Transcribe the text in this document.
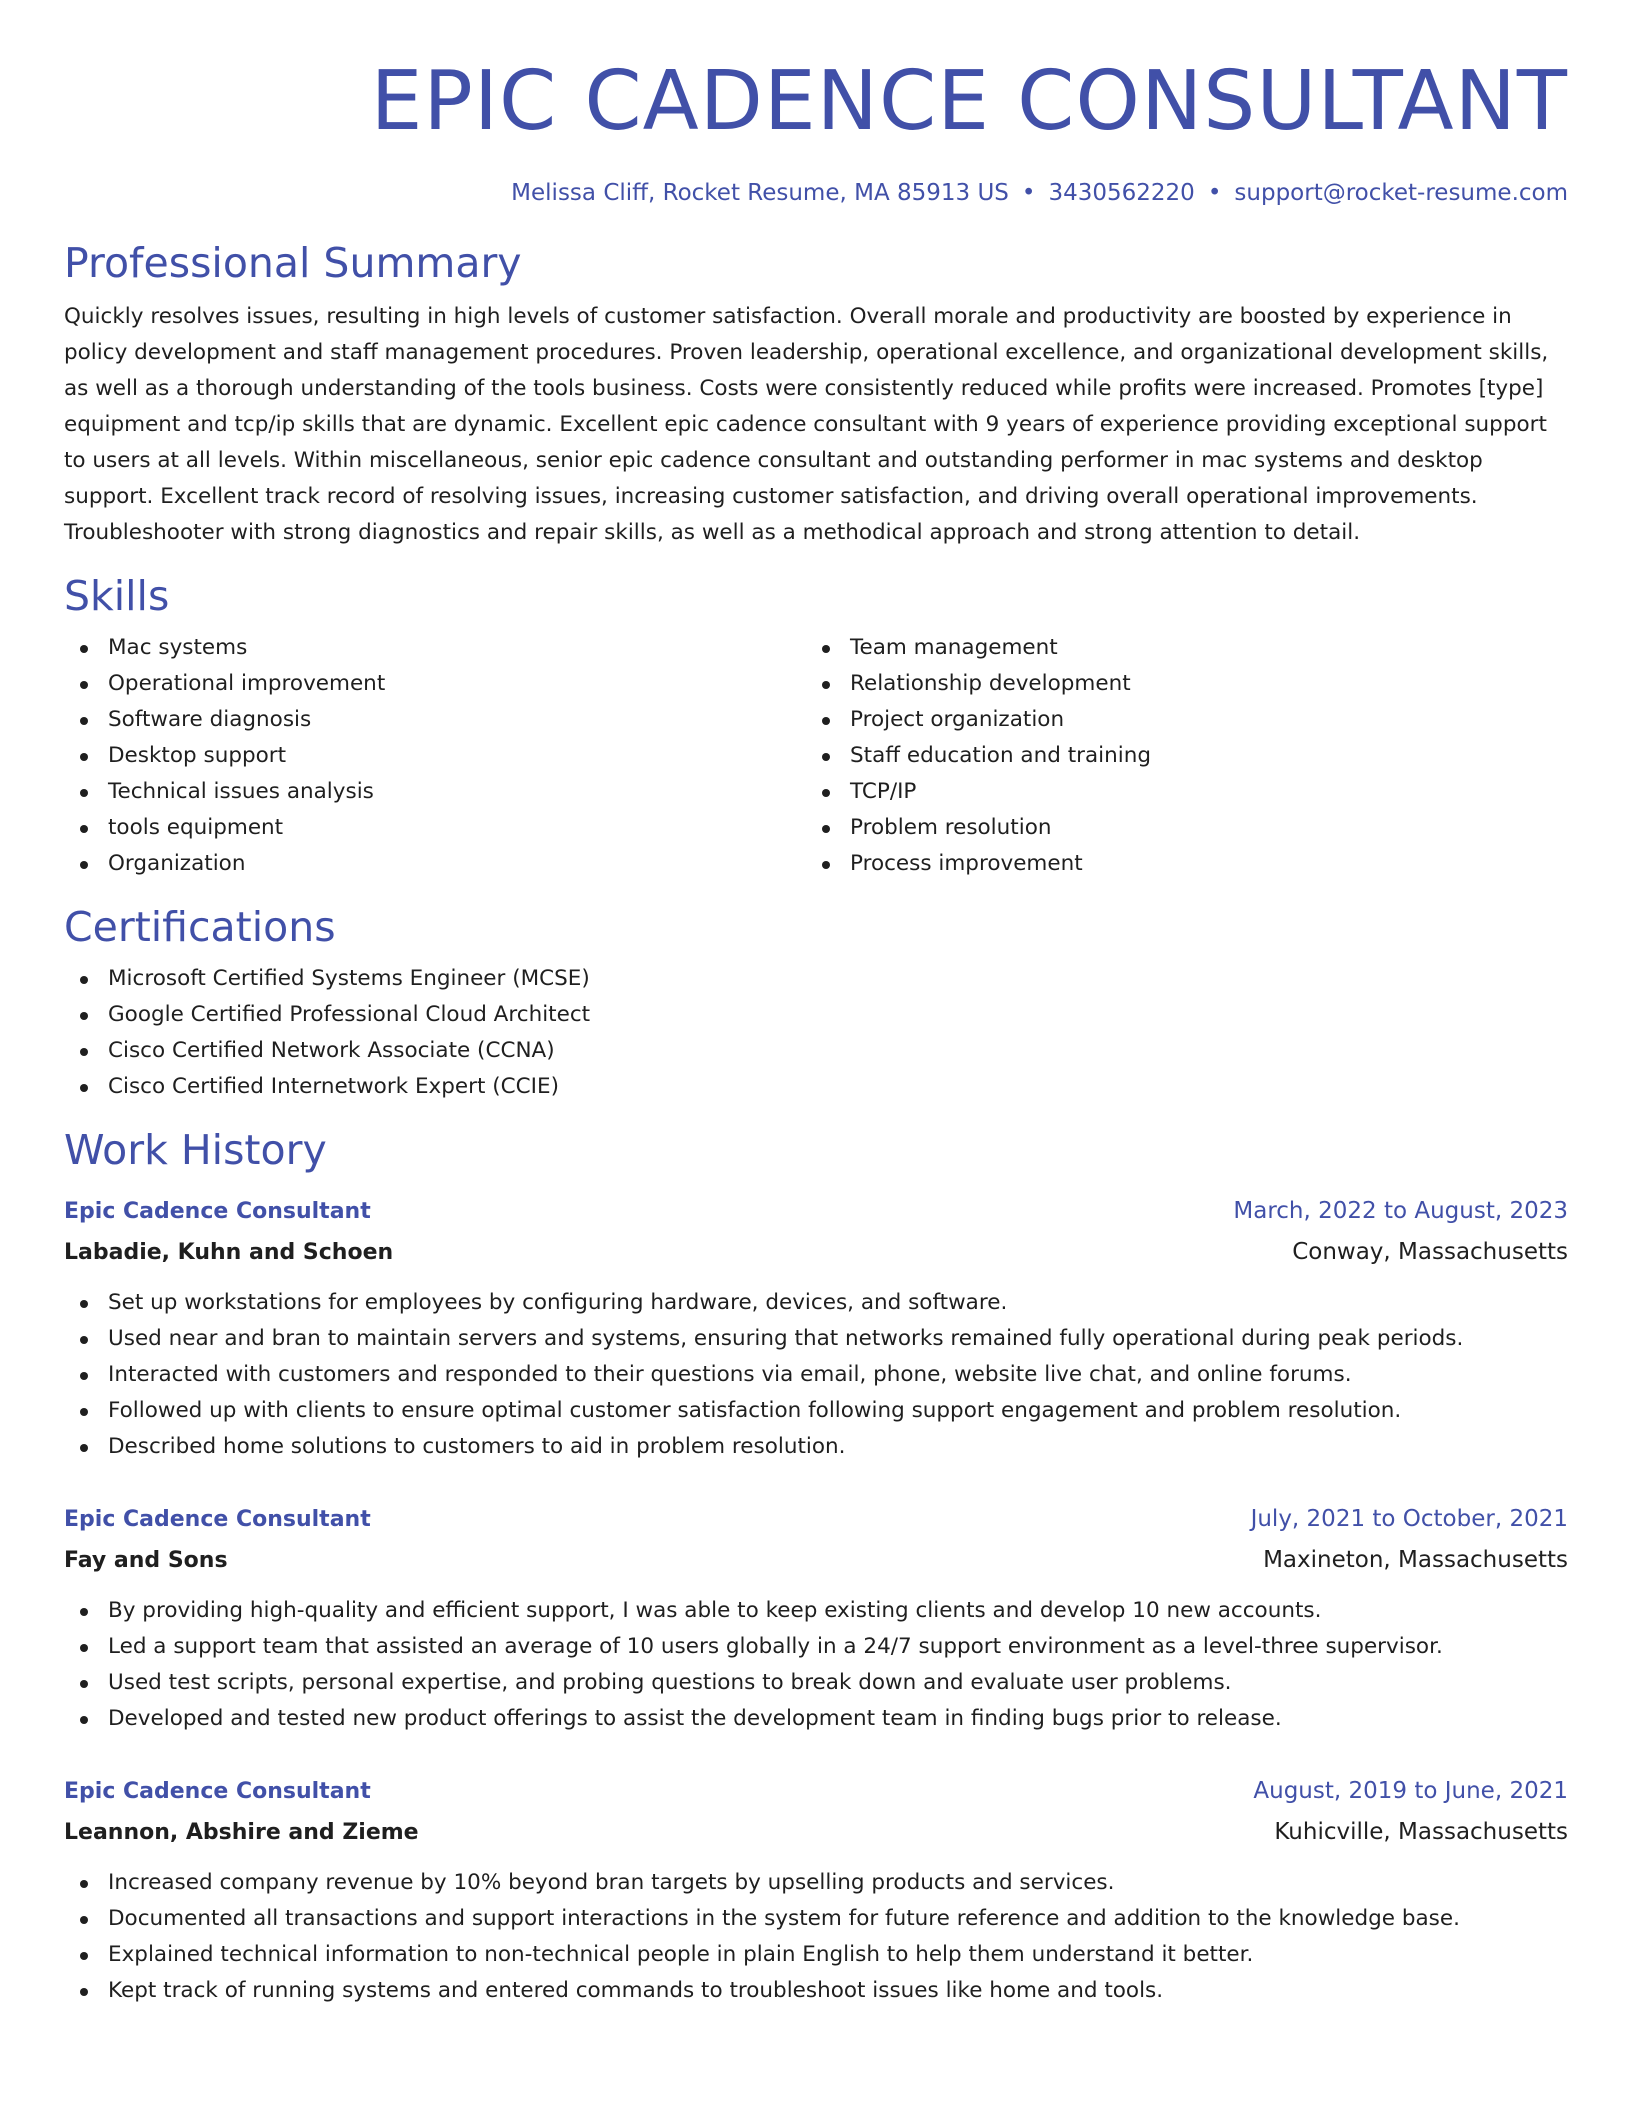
EPIC CADENCE CONSULTANT
Melissa Cliff, Rocket Resume, MA 85913 US • 3430562220 • support@rocket-resume.com
Professional Summary
Quickly resolves issues, resulting in high levels of customer satisfaction. Overall morale and productivity are boosted by experience in policy development and staff management procedures. Proven leadership, operational excellence, and organizational development skills, as well as a thorough understanding of the tools business. Costs were consistently reduced while profits were increased. Promotes [type] equipment and tcp/ip skills that are dynamic. Excellent epic cadence consultant with 9 years of experience providing exceptional support to users at all levels. Within miscellaneous, senior epic cadence consultant and outstanding performer in mac systems and desktop support. Excellent track record of resolving issues, increasing customer satisfaction, and driving overall operational improvements. Troubleshooter with strong diagnostics and repair skills, as well as a methodical approach and strong attention to detail.
Skills
Mac systems
Operational improvement
Software diagnosis
Desktop support
Technical issues analysis
tools equipment
Organization
Team management
Relationship development
Project organization
Staff education and training
TCP/IP
Problem resolution
Process improvement
Certifications
Microsoft Certified Systems Engineer (MCSE)
Google Certified Professional Cloud Architect
Cisco Certified Network Associate (CCNA)
Cisco Certified Internetwork Expert (CCIE)
Work History
Epic Cadence Consultant	March, 2022 to August, 2023
Labadie, Kuhn and Schoen	Conway, Massachusetts
Set up workstations for employees by configuring hardware, devices, and software.
Used near and bran to maintain servers and systems, ensuring that networks remained fully operational during peak periods.
Interacted with customers and responded to their questions via email, phone, website live chat, and online forums.
Followed up with clients to ensure optimal customer satisfaction following support engagement and problem resolution.
Described home solutions to customers to aid in problem resolution.
Epic Cadence Consultant	July, 2021 to October, 2021
Fay and Sons	Maxineton, Massachusetts
By providing high-quality and efficient support, I was able to keep existing clients and develop 10 new accounts.
Led a support team that assisted an average of 10 users globally in a 24/7 support environment as a level-three supervisor.
Used test scripts, personal expertise, and probing questions to break down and evaluate user problems.
Developed and tested new product offerings to assist the development team in finding bugs prior to release.
Epic Cadence Consultant	August, 2019 to June, 2021
Leannon, Abshire and Zieme	Kuhicville, Massachusetts
Increased company revenue by 10% beyond bran targets by upselling products and services.
Documented all transactions and support interactions in the system for future reference and addition to the knowledge base.
Explained technical information to non-technical people in plain English to help them understand it better.
Kept track of running systems and entered commands to troubleshoot issues like home and tools.
